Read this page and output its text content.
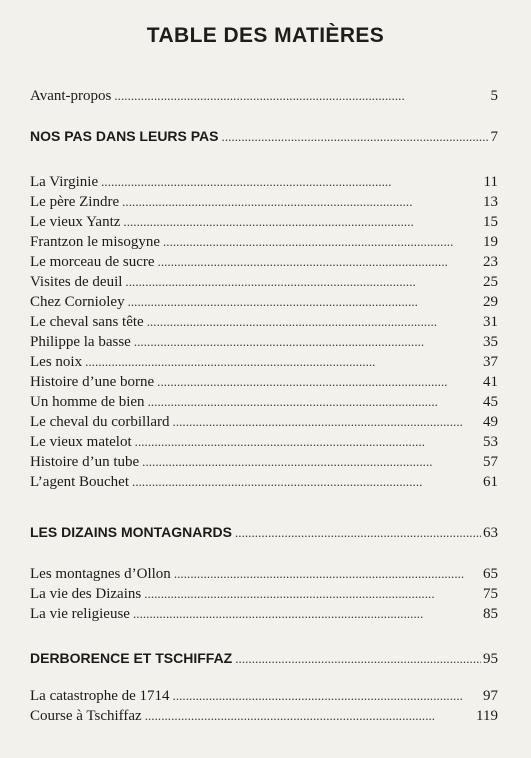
TABLE DES MATIÈRES
Avant-propos . . .	5
NOS PAS DANS LEURS PAS . . .	7
La Virginie . . .	11
Le père Zindre . . .	13
Le vieux Yantz . . .	15
Frantzon le misogyne . . .	19
Le morceau de sucre . . .	23
Visites de deuil . . .	25
Chez Cornioley . . .	29
Le cheval sans tête . . .	31
Philippe la basse . . .	35
Les noix . . .	37
Histoire d’une borne . . .	41
Un homme de bien . . .	45
Le cheval du corbillard . . .	49
Le vieux matelot . . .	53
Histoire d’un tube . . .	57
L’agent Bouchet . . .	61
LES DIZAINS MONTAGNARDS . . .	63
Les montagnes d’Ollon . . .	65
La vie des Dizains . . .	75
La vie religieuse . . .	85
DERBORENCE ET TSCHIFFAZ . . .	95
La catastrophe de 1714 . . .	97
Course à Tschiffaz . . .	119
